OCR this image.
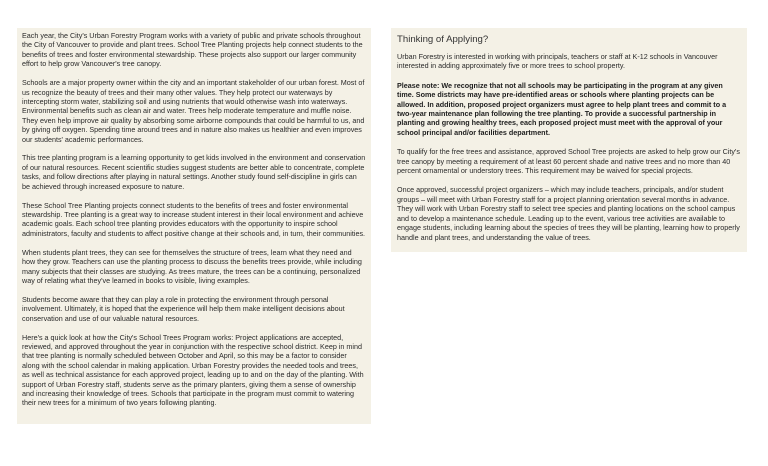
Each year, the City's Urban Forestry Program works with a variety of public and private schools throughout the City of Vancouver to provide and plant trees. School Tree Planting projects help connect students to the benefits of trees and foster environmental stewardship. These projects also support our larger community effort to help grow Vancouver's tree canopy.

Schools are a major property owner within the city and an important stakeholder of our urban forest. Most of us recognize the beauty of trees and their many other values. They help protect our waterways by intercepting storm water, stabilizing soil and using nutrients that would otherwise wash into waterways. Environmental benefits such as clean air and water. Trees help moderate temperature and muffle noise. They even help improve air quality by absorbing some airborne compounds that could be harmful to us, and by giving off oxygen. Spending time around trees and in nature also makes us healthier and even improves our students' academic performances.

This tree planting program is a learning opportunity to get kids involved in the environment and conservation of our natural resources. Recent scientific studies suggest students are better able to concentrate, complete tasks, and follow directions after playing in natural settings. Another study found self-discipline in girls can be achieved through increased exposure to nature.

These School Tree Planting projects connect students to the benefits of trees and foster environmental stewardship. Tree planting is a great way to increase student interest in their local environment and achieve academic goals. Each school tree planting provides educators with the opportunity to inspire school administrators, faculty and students to affect positive change at their schools and, in turn, their communities.

When students plant trees, they can see for themselves the structure of trees, learn what they need and how they grow. Teachers can use the planting process to discuss the benefits trees provide, while including many subjects that their classes are studying. As trees mature, the trees can be a continuing, personalized way of relating what they've learned in books to visible, living examples.

Students become aware that they can play a role in protecting the environment through personal involvement. Ultimately, it is hoped that the experience will help them make intelligent decisions about conservation and use of our valuable natural resources.

Here's a quick look at how the City's School Trees Program works: Project applications are accepted, reviewed, and approved throughout the year in conjunction with the respective school district. Keep in mind that tree planting is normally scheduled between October and April, so this may be a factor to consider along with the school calendar in making application. Urban Forestry provides the needed tools and trees, as well as technical assistance for each approved project, leading up to and on the day of the planting. With support of Urban Forestry staff, students serve as the primary planters, giving them a sense of ownership and increasing their knowledge of trees. Schools that participate in the program must commit to watering their new trees for a minimum of two years following planting.

Thinking of Applying?

Urban Forestry is interested in working with principals, teachers or staff at K-12 schools in Vancouver interested in adding approximately five or more trees to school property.

Please note: We recognize that not all schools may be participating in the program at any given time. Some districts may have pre-identified areas or schools where planting projects can be allowed. In addition, proposed project organizers must agree to help plant trees and commit to a two-year maintenance plan following the tree planting. To provide a successful partnership in planting and growing healthy trees, each proposed project must meet with the approval of your school principal and/or facilities department.

To qualify for the free trees and assistance, approved School Tree projects are asked to help grow our City's tree canopy by meeting a requirement of at least 60 percent shade and native trees and no more than 40 percent ornamental or understory trees. This requirement may be waived for special projects.

Once approved, successful project organizers – which may include teachers, principals, and/or student groups – will meet with Urban Forestry staff for a project planning orientation several months in advance. They will work with Urban Forestry staff to select tree species and planting locations on the school campus and to develop a maintenance schedule. Leading up to the event, various tree activities are available to engage students, including learning about the species of trees they will be planting, learning how to properly handle and plant trees, and understanding the value of trees.
